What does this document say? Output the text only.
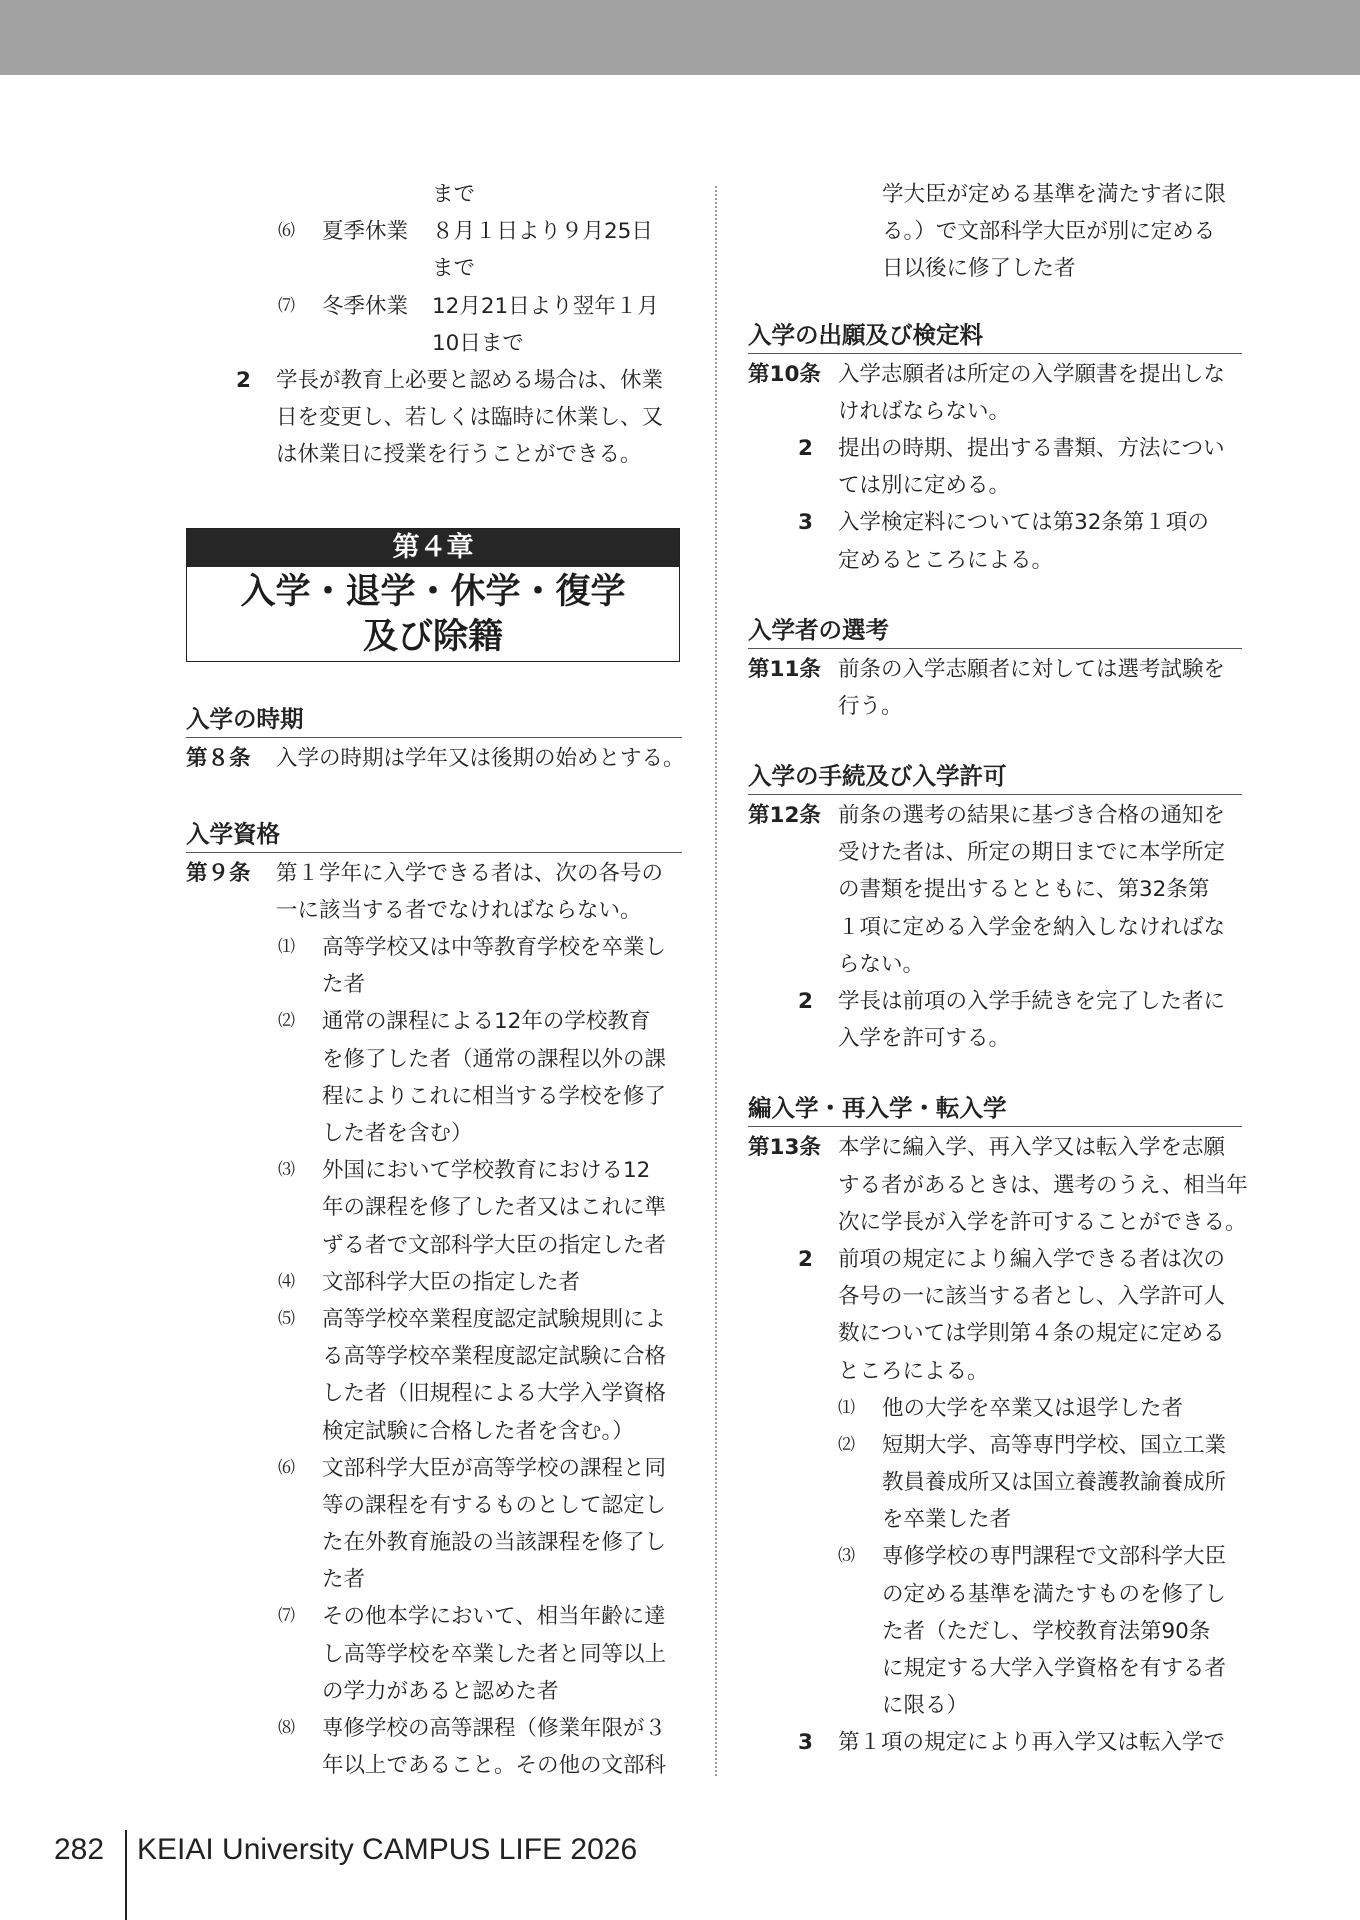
まで
⑹ 夏季休業 ８月１日より９月25日
まで
⑺ 冬季休業 12月21日より翌年１月
10日まで
2 学長が教育上必要と認める場合は、休業
日を変更し、若しくは臨時に休業し、又
は休業日に授業を行うことができる。
第４章
入学・退学・休学・復学
及び除籍
入学の時期
第８条 入学の時期は学年又は後期の始めとする。
入学資格
第９条 第１学年に入学できる者は、次の各号の
一に該当する者でなければならない。
⑴ 高等学校又は中等教育学校を卒業し
た者
⑵ 通常の課程による12年の学校教育
を修了した者（通常の課程以外の課
程によりこれに相当する学校を修了
した者を含む）
⑶ 外国において学校教育における12
年の課程を修了した者又はこれに準
ずる者で文部科学大臣の指定した者
⑷ 文部科学大臣の指定した者
⑸ 高等学校卒業程度認定試験規則によ
る高等学校卒業程度認定試験に合格
した者（旧規程による大学入学資格
検定試験に合格した者を含む。）
⑹ 文部科学大臣が高等学校の課程と同
等の課程を有するものとして認定し
た在外教育施設の当該課程を修了し
た者
⑺ その他本学において、相当年齢に達
し高等学校を卒業した者と同等以上
の学力があると認めた者
⑻ 専修学校の高等課程（修業年限が３
年以上であること。その他の文部科
学大臣が定める基準を満たす者に限
る。）で文部科学大臣が別に定める
日以後に修了した者
入学の出願及び検定料
第10条 入学志願者は所定の入学願書を提出しな
ければならない。
2 提出の時期、提出する書類、方法につい
ては別に定める。
3 入学検定料については第32条第１項の
定めるところによる。
入学者の選考
第11条 前条の入学志願者に対しては選考試験を
行う。
入学の手続及び入学許可
第12条 前条の選考の結果に基づき合格の通知を
受けた者は、所定の期日までに本学所定
の書類を提出するとともに、第32条第
１項に定める入学金を納入しなければな
らない。
2 学長は前項の入学手続きを完了した者に
入学を許可する。
編入学・再入学・転入学
第13条 本学に編入学、再入学又は転入学を志願
する者があるときは、選考のうえ、相当年
次に学長が入学を許可することができる。
2 前項の規定により編入学できる者は次の
各号の一に該当する者とし、入学許可人
数については学則第４条の規定に定める
ところによる。
⑴ 他の大学を卒業又は退学した者
⑵ 短期大学、高等専門学校、国立工業
教員養成所又は国立養護教諭養成所
を卒業した者
⑶ 専修学校の専門課程で文部科学大臣
の定める基準を満たすものを修了し
た者（ただし、学校教育法第90条
に規定する大学入学資格を有する者
に限る）
3 第１項の規定により再入学又は転入学で
282 KEIAI University CAMPUS LIFE 2026
